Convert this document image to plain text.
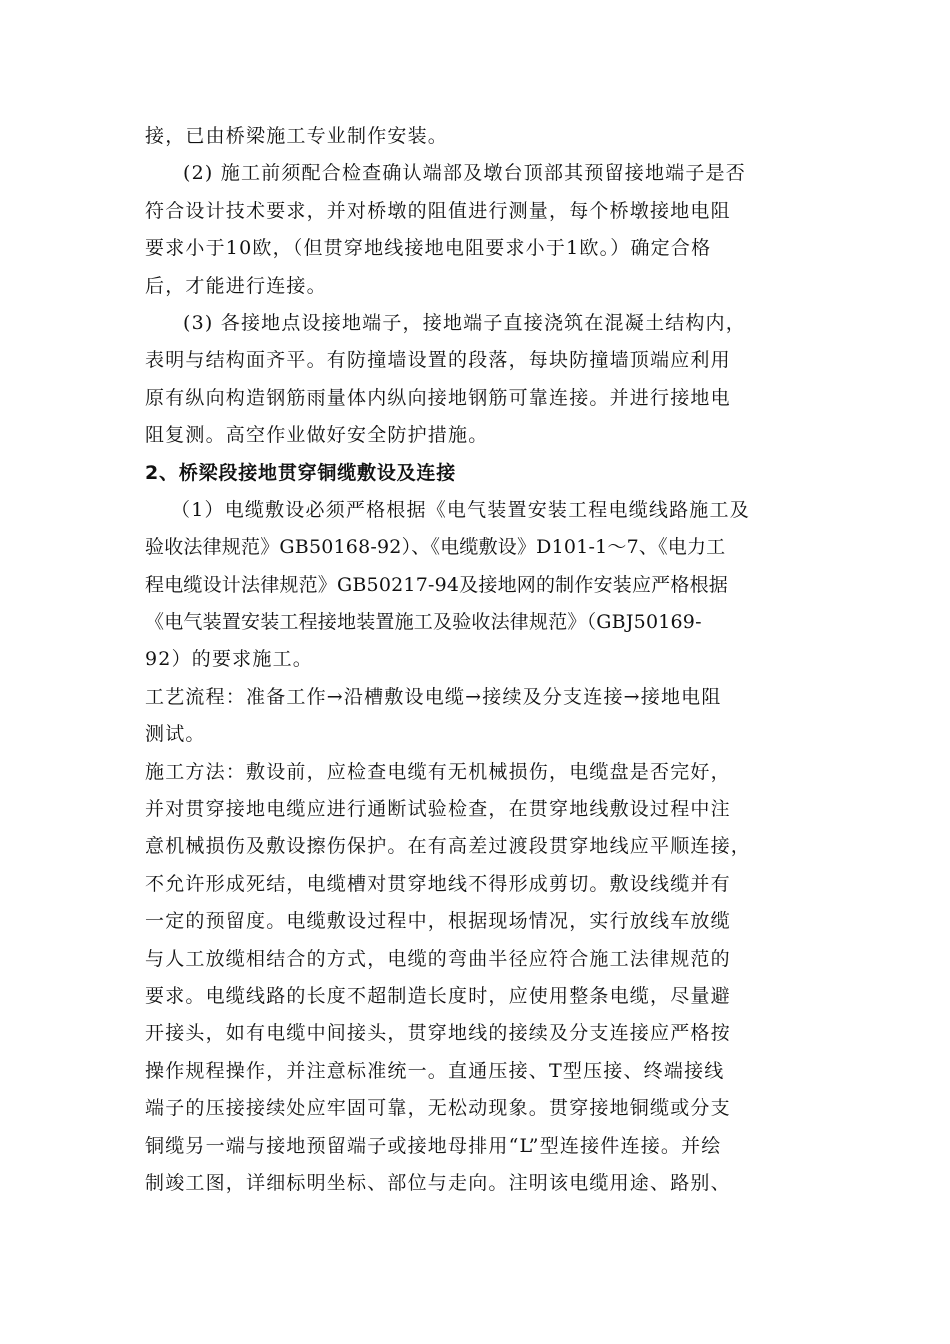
接，已由桥梁施工专业制作安装。
(2) 施工前须配合检查确认端部及墩台顶部其预留接地端子是否
符合设计技术要求，并对桥墩的阻值进行测量，每个桥墩接地电阻
要求小于10欧，（但贯穿地线接地电阻要求小于1欧。）确定合格
后，才能进行连接。
(3) 各接地点设接地端子，接地端子直接浇筑在混凝土结构内，
表明与结构面齐平。有防撞墙设置的段落，每块防撞墙顶端应利用
原有纵向构造钢筋雨量体内纵向接地钢筋可靠连接。并进行接地电
阻复测。高空作业做好安全防护措施。
2、桥梁段接地贯穿铜缆敷设及连接
（1）电缆敷设必须严格根据《电气装置安装工程电缆线路施工及
验收法律规范》GB50168-92）、《电缆敷设》D101-1～7、《电力工
程电缆设计法律规范》GB50217-94及接地网的制作安装应严格根据
《电气装置安装工程接地装置施工及验收法律规范》（GBJ50169-
92）的要求施工。
工艺流程：准备工作→沿槽敷设电缆→接续及分支连接→接地电阻
测试。
施工方法：敷设前，应检查电缆有无机械损伤，电缆盘是否完好，
并对贯穿接地电缆应进行通断试验检查，在贯穿地线敷设过程中注
意机械损伤及敷设擦伤保护。在有高差过渡段贯穿地线应平顺连接，
不允许形成死结，电缆槽对贯穿地线不得形成剪切。敷设线缆并有
一定的预留度。电缆敷设过程中，根据现场情况，实行放线车放缆
与人工放缆相结合的方式，电缆的弯曲半径应符合施工法律规范的
要求。电缆线路的长度不超制造长度时，应使用整条电缆，尽量避
开接头，如有电缆中间接头，贯穿地线的接续及分支连接应严格按
操作规程操作，并注意标准统一。直通压接、T型压接、终端接线
端子的压接接续处应牢固可靠，无松动现象。贯穿接地铜缆或分支
铜缆另一端与接地预留端子或接地母排用“L”型连接件连接。并绘
制竣工图，详细标明坐标、部位与走向。注明该电缆用途、路别、
